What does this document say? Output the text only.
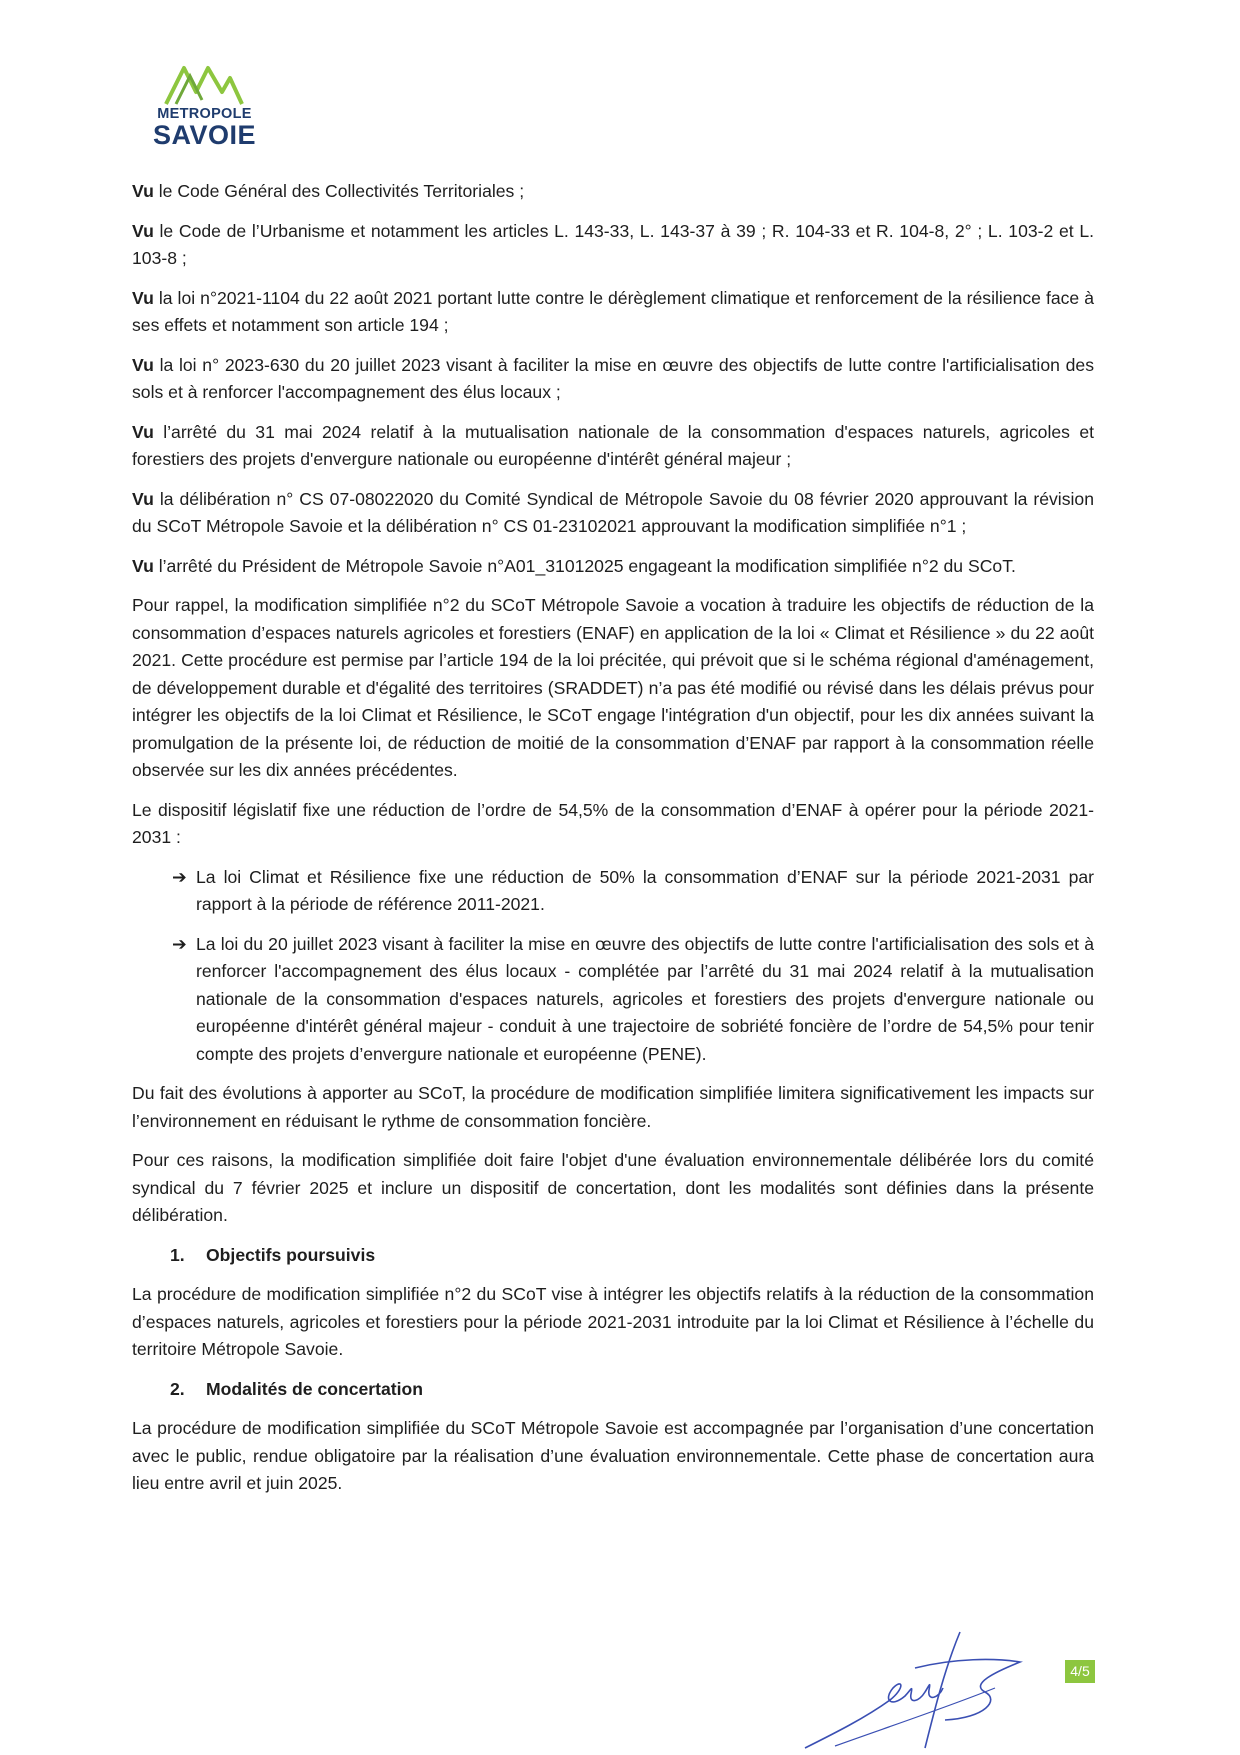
METROPOLE
SAVOIE

Vu le Code Général des Collectivités Territoriales ;

Vu le Code de l’Urbanisme et notamment les articles L. 143-33, L. 143-37 à 39 ; R. 104-33 et R. 104-8, 2° ; L. 103-2 et L. 103-8 ;

Vu la loi n°2021-1104 du 22 août 2021 portant lutte contre le dérèglement climatique et renforcement de la résilience face à ses effets et notamment son article 194 ;

Vu la loi n° 2023-630 du 20 juillet 2023 visant à faciliter la mise en œuvre des objectifs de lutte contre l'artificialisation des sols et à renforcer l'accompagnement des élus locaux ;

Vu l’arrêté du 31 mai 2024 relatif à la mutualisation nationale de la consommation d'espaces naturels, agricoles et forestiers des projets d'envergure nationale ou européenne d'intérêt général majeur ;

Vu la délibération n° CS 07-08022020 du Comité Syndical de Métropole Savoie du 08 février 2020 approuvant la révision du SCoT Métropole Savoie et la délibération n° CS 01-23102021 approuvant la modification simplifiée n°1 ;

Vu l’arrêté du Président de Métropole Savoie n°A01_31012025 engageant la modification simplifiée n°2 du SCoT.

Pour rappel, la modification simplifiée n°2 du SCoT Métropole Savoie a vocation à traduire les objectifs de réduction de la consommation d’espaces naturels agricoles et forestiers (ENAF) en application de la loi « Climat et Résilience » du 22 août 2021. Cette procédure est permise par l’article 194 de la loi précitée, qui prévoit que si le schéma régional d'aménagement, de développement durable et d'égalité des territoires (SRADDET) n’a pas été modifié ou révisé dans les délais prévus pour intégrer les objectifs de la loi Climat et Résilience, le SCoT engage l'intégration d'un objectif, pour les dix années suivant la promulgation de la présente loi, de réduction de moitié de la consommation d’ENAF par rapport à la consommation réelle observée sur les dix années précédentes.

Le dispositif législatif fixe une réduction de l’ordre de 54,5% de la consommation d’ENAF à opérer pour la période 2021-2031 :

➔ La loi Climat et Résilience fixe une réduction de 50% la consommation d’ENAF sur la période 2021-2031 par rapport à la période de référence 2011-2021.
➔ La loi du 20 juillet 2023 visant à faciliter la mise en œuvre des objectifs de lutte contre l'artificialisation des sols et à renforcer l'accompagnement des élus locaux - complétée par l’arrêté du 31 mai 2024 relatif à la mutualisation nationale de la consommation d'espaces naturels, agricoles et forestiers des projets d'envergure nationale ou européenne d'intérêt général majeur - conduit à une trajectoire de sobriété foncière de l’ordre de 54,5% pour tenir compte des projets d’envergure nationale et européenne (PENE).

Du fait des évolutions à apporter au SCoT, la procédure de modification simplifiée limitera significativement les impacts sur l’environnement en réduisant le rythme de consommation foncière.

Pour ces raisons, la modification simplifiée doit faire l'objet d'une évaluation environnementale délibérée lors du comité syndical du 7 février 2025 et inclure un dispositif de concertation, dont les modalités sont définies dans la présente délibération.

1. Objectifs poursuivis

La procédure de modification simplifiée n°2 du SCoT vise à intégrer les objectifs relatifs à la réduction de la consommation d’espaces naturels, agricoles et forestiers pour la période 2021-2031 introduite par la loi Climat et Résilience à l’échelle du territoire Métropole Savoie.

2. Modalités de concertation

La procédure de modification simplifiée du SCoT Métropole Savoie est accompagnée par l’organisation d’une concertation avec le public, rendue obligatoire par la réalisation d’une évaluation environnementale. Cette phase de concertation aura lieu entre avril et juin 2025.

4/5
